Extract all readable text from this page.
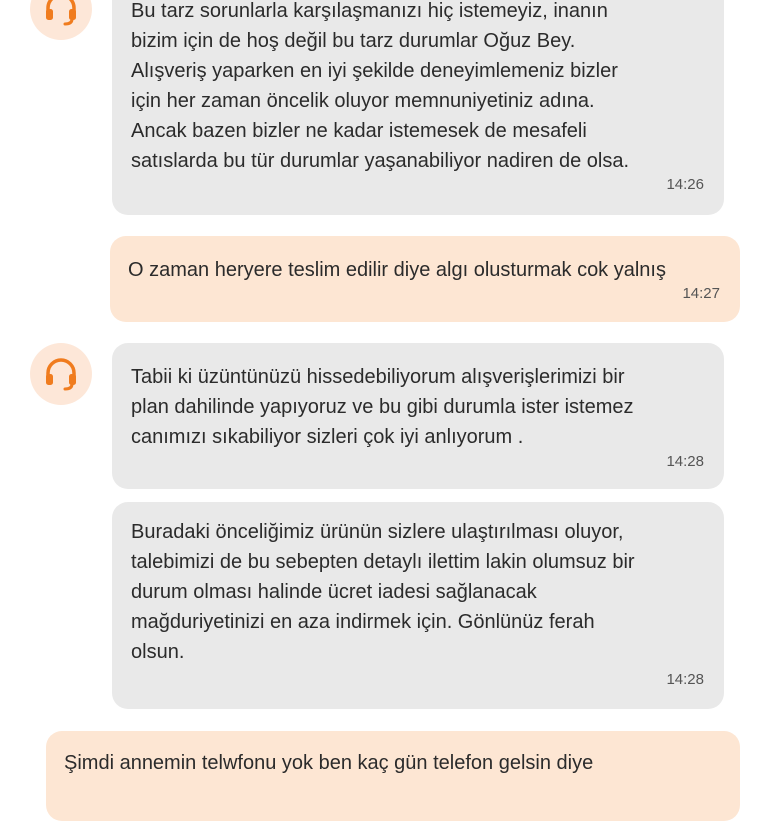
Bu tarz sorunlarla karşılaşmanızı hiç istemeyiz, inanın
bizim için de hoş değil bu tarz durumlar Oğuz Bey.
Alışveriş yaparken en iyi şekilde deneyimlemeniz bizler
için her zaman öncelik oluyor memnuniyetiniz adına.
Ancak bazen bizler ne kadar istemesek de mesafeli
satıslarda bu tür durumlar yaşanabiliyor nadiren de olsa.
14:26
O zaman heryere teslim edilir diye algı olusturmak cok yalnış
14:27
Tabii ki üzüntünüzü hissedebiliyorum alışverişlerimizi bir
plan dahilinde yapıyoruz ve bu gibi durumla ister istemez
canımızı sıkabiliyor sizleri çok iyi anlıyorum .
14:28
Buradaki önceliğimiz ürünün sizlere ulaştırılması oluyor,
talebimizi de bu sebepten detaylı ilettim lakin olumsuz bir
durum olması halinde ücret iadesi sağlanacak
mağduriyetinizi en aza indirmek için. Gönlünüz ferah
olsun.
14:28
Şimdi annemin telwfonu yok ben kaç gün telefon gelsin diye
